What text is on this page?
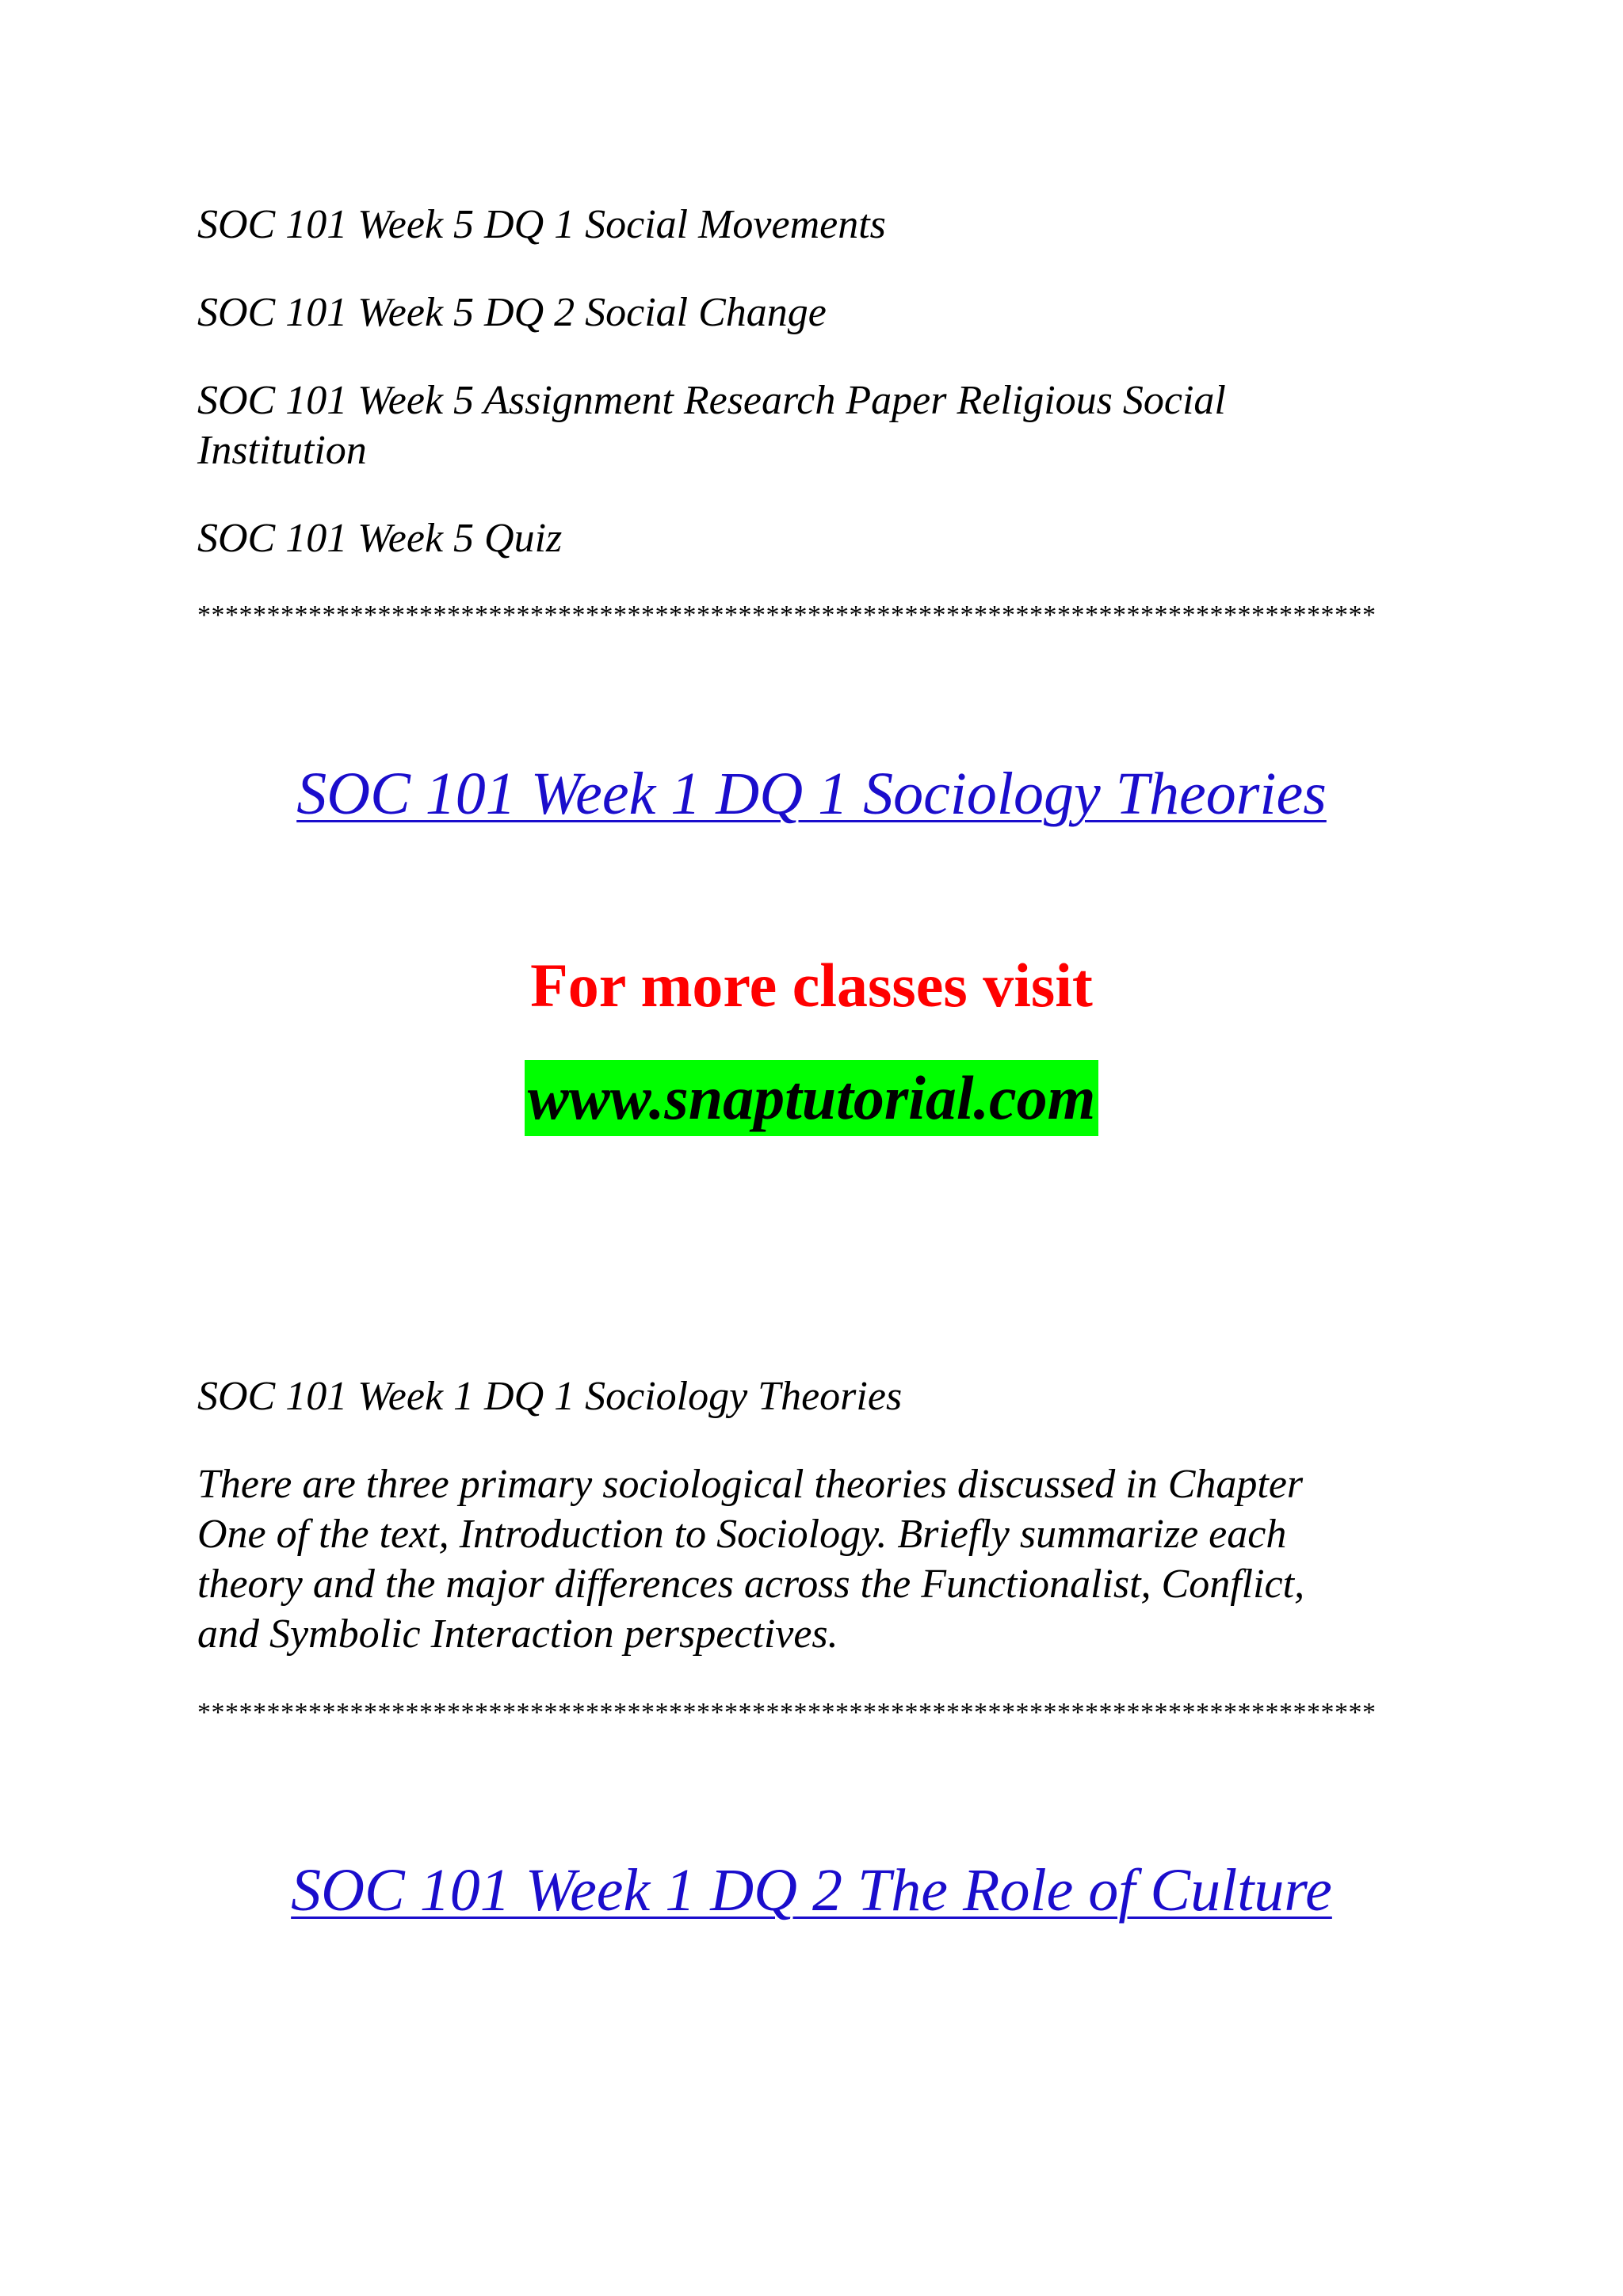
SOC 101 Week 5 DQ 1 Social Movements

SOC 101 Week 5 DQ 2 Social Change

SOC 101 Week 5 Assignment Research Paper Religious Social

Institution

SOC 101 Week 5 Quiz

*************************************************************************************

SOC 101 Week 1 DQ 1 Sociology Theories
For more classes visit
www.snaptutorial.com

SOC 101 Week 1 DQ 1 Sociology Theories

There are three primary sociological theories discussed in Chapter
One of the text, Introduction to Sociology. Briefly summarize each
theory and the major differences across the Functionalist, Conflict,
and Symbolic Interaction perspectives.

*************************************************************************************

SOC 101 Week 1 DQ 2 The Role of Culture
